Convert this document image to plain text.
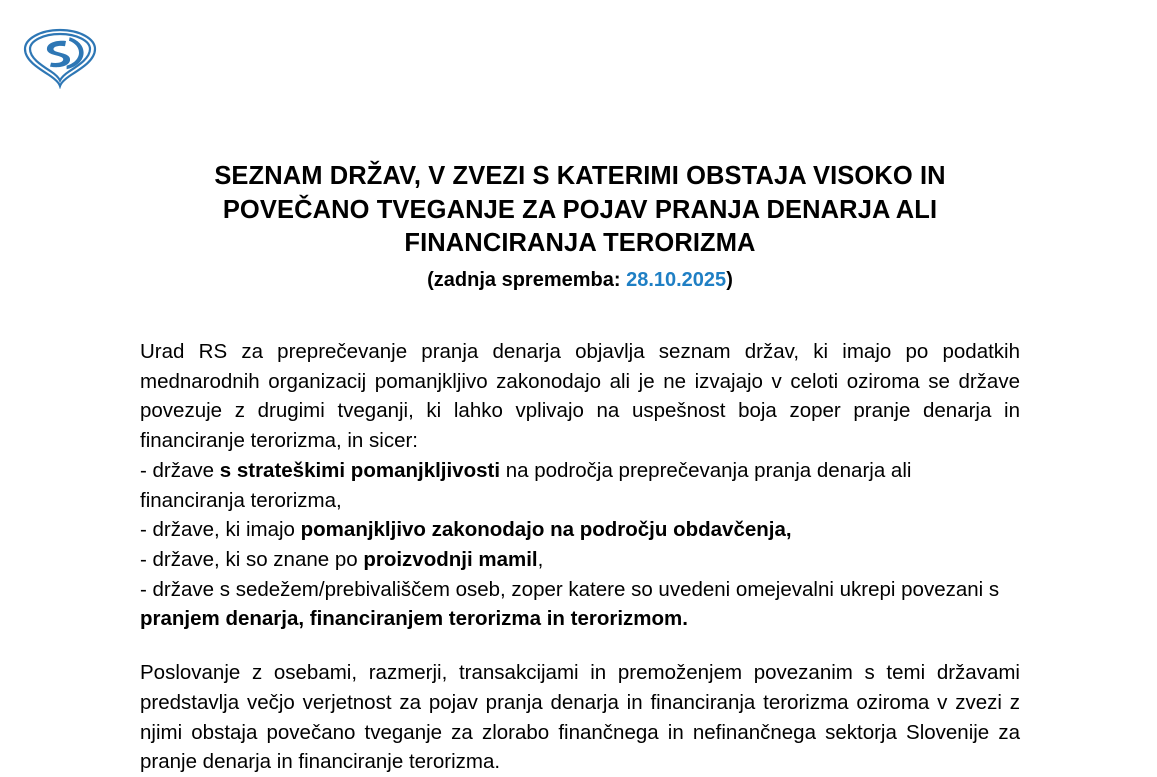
SEZNAM DRŽAV, V ZVEZI S KATERIMI OBSTAJA VISOKO IN POVEČANO TVEGANJE ZA POJAV PRANJA DENARJA ALI FINANCIRANJA TERORIZMA
(zadnja sprememba: 28.10.2025)

Urad RS za preprečevanje pranja denarja objavlja seznam držav, ki imajo po podatkih mednarodnih organizacij pomanjkljivo zakonodajo ali je ne izvajajo v celoti oziroma se države povezuje z drugimi tveganji, ki lahko vplivajo na uspešnost boja zoper pranje denarja in financiranje terorizma, in sicer:

- države s strateškimi pomanjkljivosti na področja preprečevanja pranja denarja ali financiranja terorizma,

- države, ki imajo pomanjkljivo zakonodajo na področju obdavčenja,

- države, ki so znane po proizvodnji mamil,

- države s sedežem/prebivališčem oseb, zoper katere so uvedeni omejevalni ukrepi povezani s pranjem denarja, financiranjem terorizma in terorizmom.

Poslovanje z osebami, razmerji, transakcijami in premoženjem povezanim s temi državami predstavlja večjo verjetnost za pojav pranja denarja in financiranja terorizma oziroma v zvezi z njimi obstaja povečano tveganje za zlorabo finančnega in nefinančnega sektorja Slovenije za pranje denarja in financiranje terorizma.
